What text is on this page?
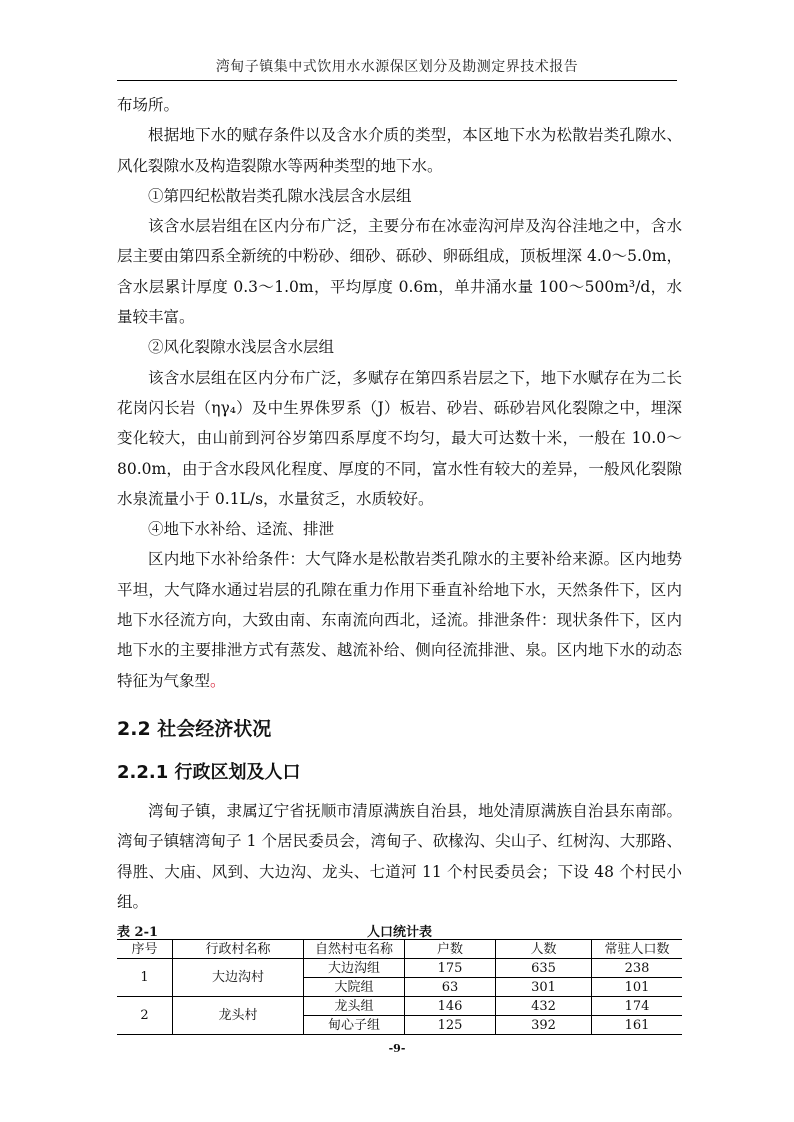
湾甸子镇集中式饮用水水源保区划分及勘测定界技术报告

布场所。

根据地下水的赋存条件以及含水介质的类型，本区地下水为松散岩类孔隙水、风化裂隙水及构造裂隙水等两种类型的地下水。

①第四纪松散岩类孔隙水浅层含水层组

该含水层岩组在区内分布广泛，主要分布在冰壶沟河岸及沟谷洼地之中，含水层主要由第四系全新统的中粉砂、细砂、砾砂、卵砾组成，顶板埋深 4.0～5.0m，含水层累计厚度 0.3～1.0m，平均厚度 0.6m，单井涌水量 100～500m³/d，水量较丰富。

②风化裂隙水浅层含水层组

该含水层组在区内分布广泛，多赋存在第四系岩层之下，地下水赋存在为二长花岗闪长岩（ηγ₄）及中生界侏罗系（J）板岩、砂岩、砾砂岩风化裂隙之中，埋深变化较大，由山前到河谷岁第四系厚度不均匀，最大可达数十米，一般在 10.0～80.0m，由于含水段风化程度、厚度的不同，富水性有较大的差异，一般风化裂隙水泉流量小于 0.1L/s，水量贫乏，水质较好。

④地下水补给、迳流、排泄

区内地下水补给条件：大气降水是松散岩类孔隙水的主要补给来源。区内地势平坦，大气降水通过岩层的孔隙在重力作用下垂直补给地下水，天然条件下，区内地下水径流方向，大致由南、东南流向西北，迳流。排泄条件：现状条件下，区内地下水的主要排泄方式有蒸发、越流补给、侧向径流排泄、泉。区内地下水的动态特征为气象型。

2.2 社会经济状况
2.2.1 行政区划及人口

湾甸子镇，隶属辽宁省抚顺市清原满族自治县，地处清原满族自治县东南部。湾甸子镇辖湾甸子 1 个居民委员会，湾甸子、砍椽沟、尖山子、红树沟、大那路、得胜、大庙、风到、大边沟、龙头、七道河 11 个村民委员会；下设 48 个村民小组。

表 2-1	人口统计表
序号	行政村名称	自然村屯名称	户数	人数	常驻人口数
1	大边沟村	大边沟组	175	635	238
		大院组	63	301	101
2	龙头村	龙头组	146	432	174
		甸心子组	125	392	161
-9-
